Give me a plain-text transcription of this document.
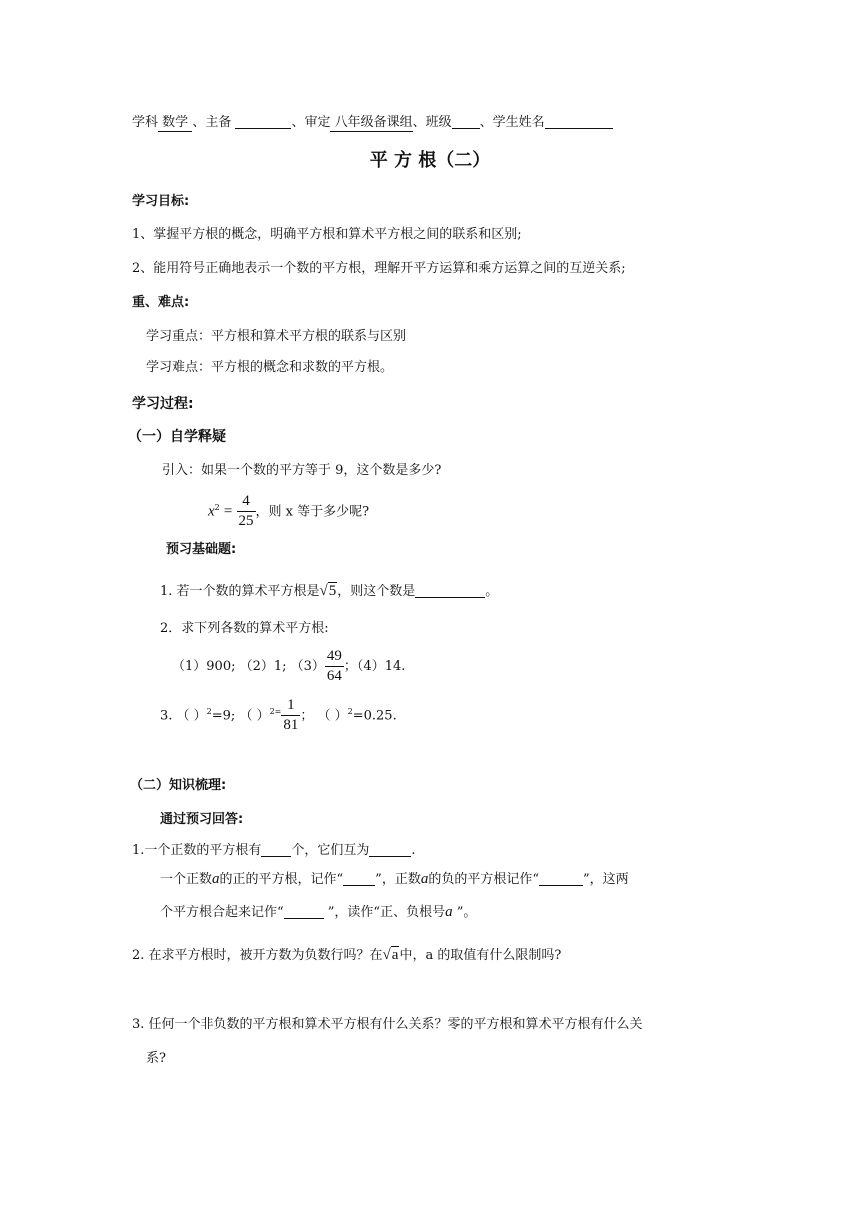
学科 数学 、主备	、审定 八年级备课组、班级 、学生姓名
平 方 根（二）
学习目标:
1、掌握平方根的概念，明确平方根和算术平方根之间的联系和区别;
2、能用符号正确地表示一个数的平方根，理解开平方运算和乘方运算之间的互逆关系;
重、难点:
学习重点：平方根和算术平方根的联系与区别
学习难点：平方根的概念和求数的平方根。
学习过程:
（一）自学释疑
引入：如果一个数的平方等于 9，这个数是多少?
$x^2 = \frac{4}{25}$ ，则 x 等于多少呢?
预习基础题:
1. 若一个数的算术平方根是√5，则这个数是	。
2．求下列各数的算术平方根:
（1）900; （2）1; $(3) \frac{49}{64}$ ；（4）14.
3. （ ）$^2$=9; （ ）$^{2=} \frac{1}{81}$ ； （ ）$^2$=0.25.
（二）知识梳理:
通过预习回答:
1.一个正数的平方根有 个，它们互为	.
一个正数a的正的平方根，记作“ ”，正数a的负的平方根记作“	”，这两
个平方根合起来记作“	”，读作“正、负根号a ”。
2. 在求平方根时，被开方数为负数行吗？在√a中，a 的取值有什么限制吗?
3. 任何一个非负数的平方根和算术平方根有什么关系？零的平方根和算术平方根有什么关
系?
